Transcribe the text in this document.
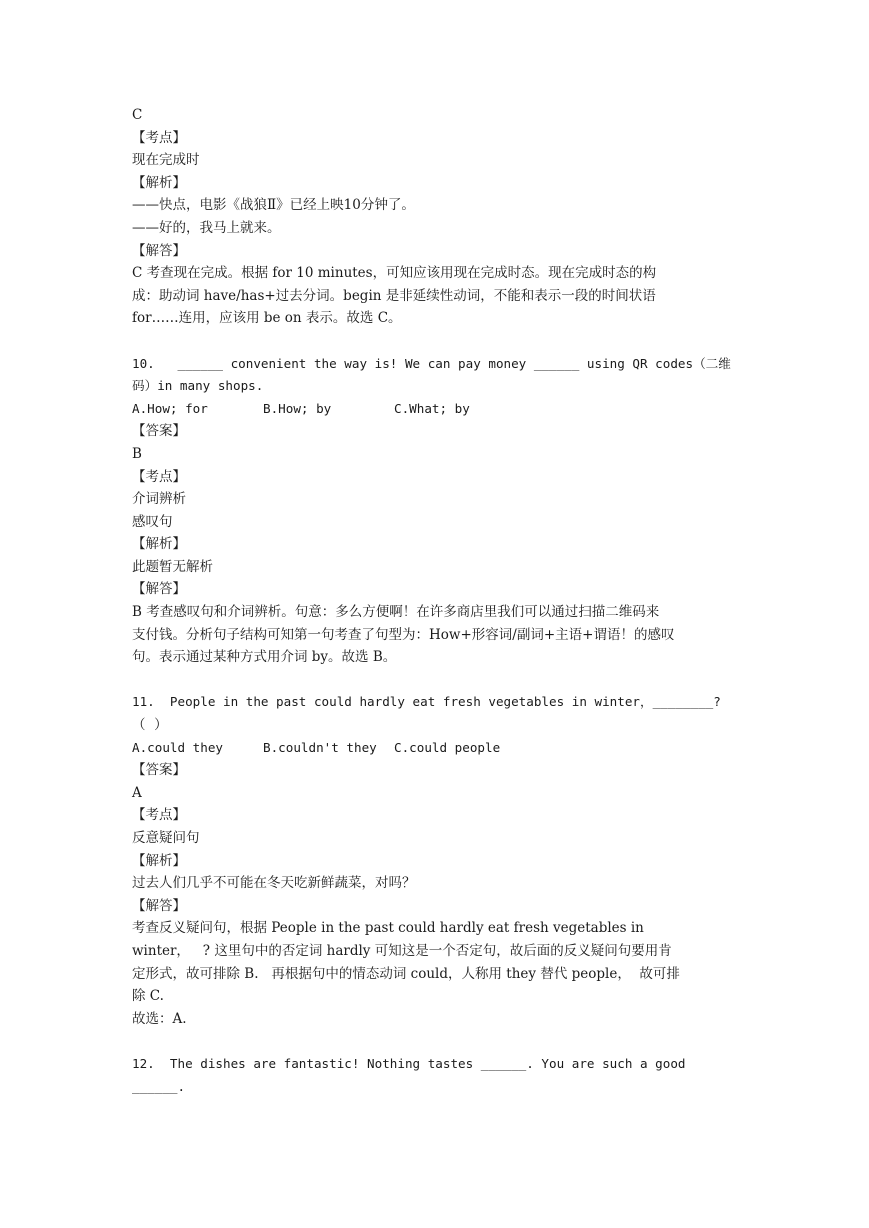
C
【考点】
现在完成时
【解析】
——快点，电影《战狼Ⅱ》已经上映10分钟了。
——好的，我马上就来。
【解答】
C 考查现在完成。根据 for 10 minutes，可知应该用现在完成时态。现在完成时态的构
成：助动词 have/has+过去分词。begin 是非延续性动词，不能和表示一段的时间状语
for……连用，应该用 be on 表示。故选 C。
10.   ______ convenient the way is! We can pay money ______ using QR codes（二维
码）in many shops.
A.How; for	B.How; by	C.What; by
【答案】
B
【考点】
介词辨析
感叹句
【解析】
此题暂无解析
【解答】
B 考查感叹句和介词辨析。句意：多么方便啊！在许多商店里我们可以通过扫描二维码来
支付钱。分析句子结构可知第一句考查了句型为：How+形容词/副词+主语+谓语！的感叹
句。表示通过某种方式用介词 by。故选 B。
11.  People in the past could hardly eat fresh vegetables in winter，________?
（  ）
A.could they	B.couldn't they	C.could people
【答案】
A
【考点】
反意疑问句
【解析】
过去人们几乎不可能在冬天吃新鲜蔬菜，对吗？
【解答】
考查反义疑问句，根据 People in the past could hardly eat fresh vegetables in
winter，   ? 这里句中的否定词 hardly 可知这是一个否定句，故后面的反义疑问句要用肯
定形式，故可排除 B.   再根据句中的情态动词 could，人称用 they 替代 people，  故可排
除 C.
故选：A.
12.  The dishes are fantastic! Nothing tastes ______. You are such a good
______.
